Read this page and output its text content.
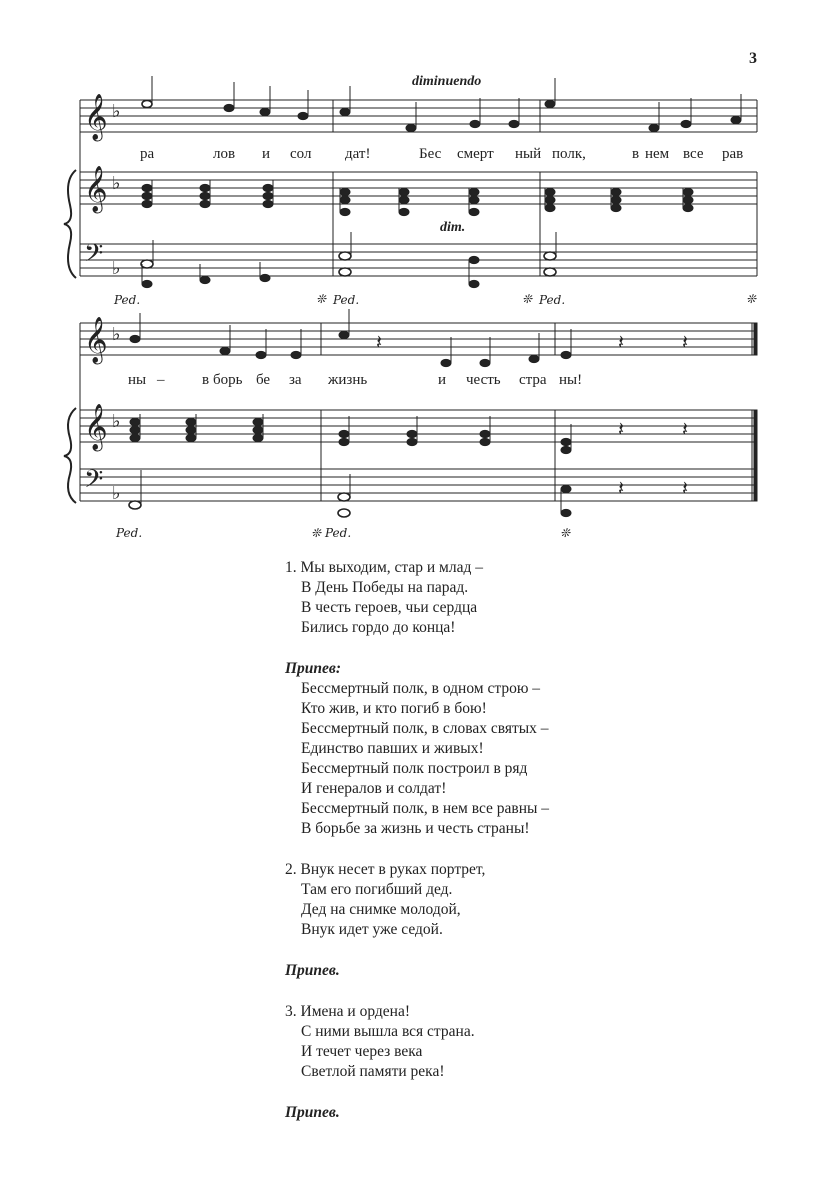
3
𝄞
𝄞
𝄢
𝄞
𝄞
𝄢
♭
♭
♭
♭
♭
♭
𝄽	𝄽
𝄽	𝄽
𝄽	𝄽
𝄽
diminuendo
dim.
ра	лов и сол дат!	Бес смерт ный полк,	в нем все рав
ны –	в борь бе за жизнь	и честь стра ны!
Ped.	❊ Ped.	❊ Ped.	❊
Ped.	❊ Ped.	❊
1. Мы выходим, стар и млад –
В День Победы на парад.
В честь героев, чьи сердца
Бились гордо до конца!
Припев:
Бессмертный полк, в одном строю –
Кто жив, и кто погиб в бою!
Бессмертный полк, в словах святых –
Единство павших и живых!
Бессмертный полк построил в ряд
И генералов и солдат!
Бессмертный полк, в нем все равны –
В борьбе за жизнь и честь страны!
2. Внук несет в руках портрет,
Там его погибший дед.
Дед на снимке молодой,
Внук идет уже седой.
Припев.
3. Имена и ордена!
С ними вышла вся страна.
И течет через века
Светлой памяти река!
Припев.
